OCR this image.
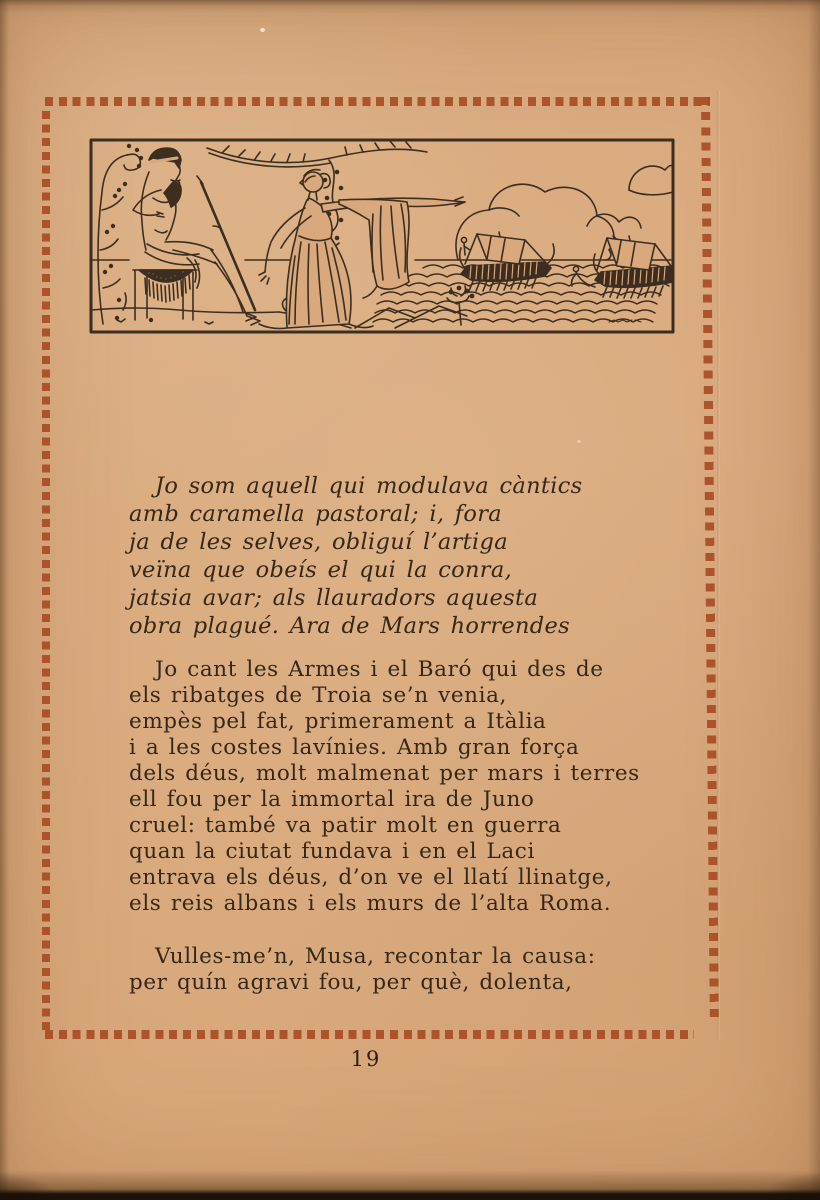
Jo som aquell qui modulava càntics
amb caramella pastoral; i, fora
ja de les selves, obliguí l’artiga
veïna que obeís el qui la conra,
jatsia avar; als llauradors aquesta
obra plagué. Ara de Mars horrendes
Jo cant les Armes i el Baró qui des de
els ribatges de Troia se’n venia,
empès pel fat, primerament a Itàlia
i a les costes lavínies. Amb gran força
dels déus, molt malmenat per mars i terres
ell fou per la immortal ira de Juno
cruel: també va patir molt en guerra
quan la ciutat fundava i en el Laci
entrava els déus, d’on ve el llatí llinatge,
els reis albans i els murs de l’alta Roma.
Vulles-me’n, Musa, recontar la causa:
per quín agravi fou, per què, dolenta,
19
